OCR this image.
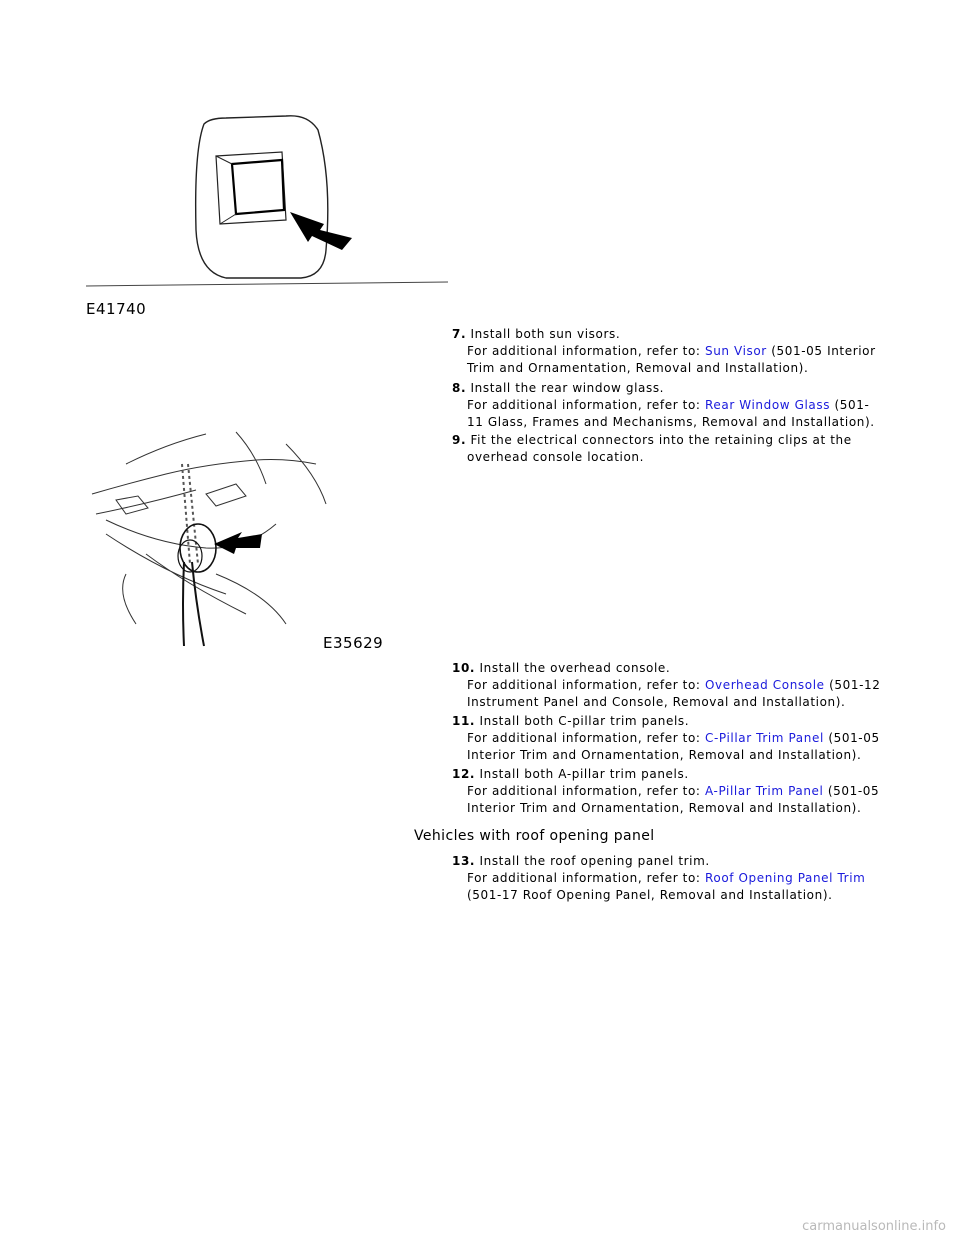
E41740
E35629
7. Install both sun visors.
For additional information, refer to: Sun Visor (501-05 Interior
Trim and Ornamentation, Removal and Installation).
8. Install the rear window glass.
For additional information, refer to: Rear Window Glass (501-
11 Glass, Frames and Mechanisms, Removal and Installation).
9. Fit the electrical connectors into the retaining clips at the
overhead console location.
10. Install the overhead console.
For additional information, refer to: Overhead Console (501-12
Instrument Panel and Console, Removal and Installation).
11. Install both C-pillar trim panels.
For additional information, refer to: C-Pillar Trim Panel (501-05
Interior Trim and Ornamentation, Removal and Installation).
12. Install both A-pillar trim panels.
For additional information, refer to: A-Pillar Trim Panel (501-05
Interior Trim and Ornamentation, Removal and Installation).
Vehicles with roof opening panel
13. Install the roof opening panel trim.
For additional information, refer to: Roof Opening Panel Trim
(501-17 Roof Opening Panel, Removal and Installation).
carmanualsonline.info
